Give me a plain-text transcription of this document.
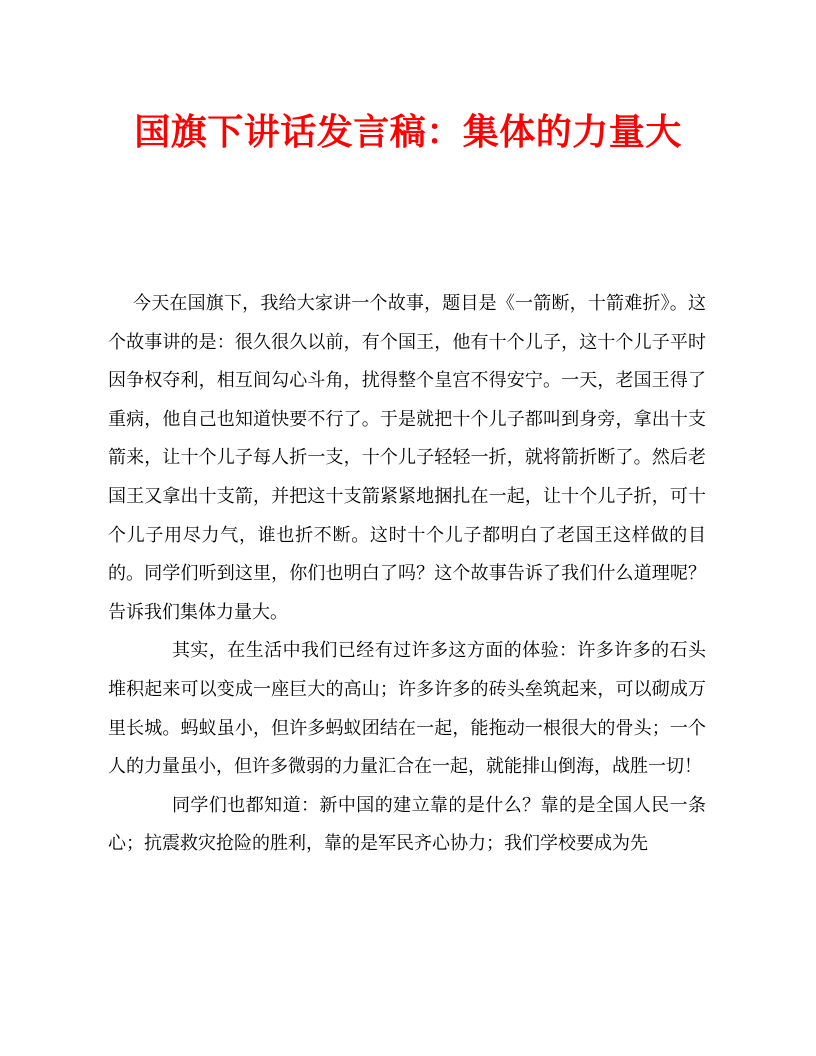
国旗下讲话发言稿：集体的力量大

今天在国旗下，我给大家讲一个故事，题目是《一箭断，十箭难折》。这个故事讲的是：很久很久以前，有个国王，他有十个儿子，这十个儿子平时因争权夺利，相互间勾心斗角，扰得整个皇宫不得安宁。一天，老国王得了重病，他自己也知道快要不行了。于是就把十个儿子都叫到身旁，拿出十支箭来，让十个儿子每人折一支，十个儿子轻轻一折，就将箭折断了。然后老国王又拿出十支箭，并把这十支箭紧紧地捆扎在一起，让十个儿子折，可十个儿子用尽力气，谁也折不断。这时十个儿子都明白了老国王这样做的目的。同学们听到这里，你们也明白了吗？这个故事告诉了我们什么道理呢？告诉我们集体力量大。

其实，在生活中我们已经有过许多这方面的体验：许多许多的石头堆积起来可以变成一座巨大的高山；许多许多的砖头垒筑起来，可以砌成万里长城。蚂蚁虽小，但许多蚂蚁团结在一起，能拖动一根很大的骨头；一个人的力量虽小，但许多微弱的力量汇合在一起，就能排山倒海，战胜一切！

同学们也都知道：新中国的建立靠的是什么？靠的是全国人民一条心；抗震救灾抢险的胜利，靠的是军民齐心协力；我们学校要成为先
